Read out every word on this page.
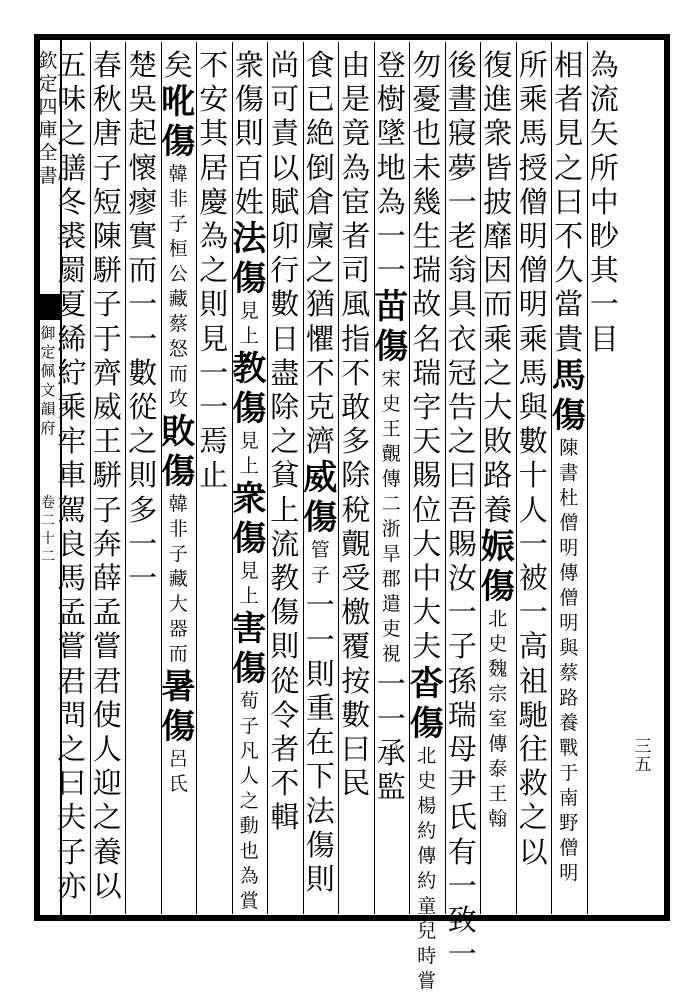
欽
定
四
庫
全
書
御
定
佩
文
韻
府
卷
二
十
二
三五
為流矢所中眇其一目
相者見之曰不久當貴
馬傷
陳書杜僧明傳僧明與蔡路養戰于南野僧明
所乘馬授僧明僧明乘馬與數十人
一被一高祖馳往救之以
復進衆皆披靡因而乘之大敗路養
娠傷
北史魏宗室傳泰王翰
後晝寢夢一老翁具衣冠告之曰吾賜汝一子
孫瑞母尹氏有一致一
勿憂也未幾生瑞故名瑞字天賜位大中大夫
沓傷
北史楊約傳約童兒時嘗
登樹墜地為一一
苗傷
宋史王覿傳二浙旱郡遣吏視
一一承監
由是竟為宦者
司風指不敢多除稅覿受檄覆按數曰民
食已絶倒倉廩之猶懼不克濟
威傷
管子
一一則重在下法傷則
尚可責以賦卯行數日盡除之
貧上流教傷則從令者不輯
衆傷則百姓
法傷
見上
教傷
見上
衆傷
見上
害傷
荀子凡人之動也為賞
不安其居
慶為之則見一一焉止
矣
吪傷
韓非子桓公藏蔡怒而攻
敗傷
韓非子藏大器而
暑傷
呂氏
楚吳起懷瘳實而一一
數從之則多一一
春秋唐子短陳駢子于齊威王駢子奔薛孟嘗君使人迎之養以
五味之膳冬裘罽夏絺紵乘牢車駕良馬孟嘗君問之曰夫子亦
